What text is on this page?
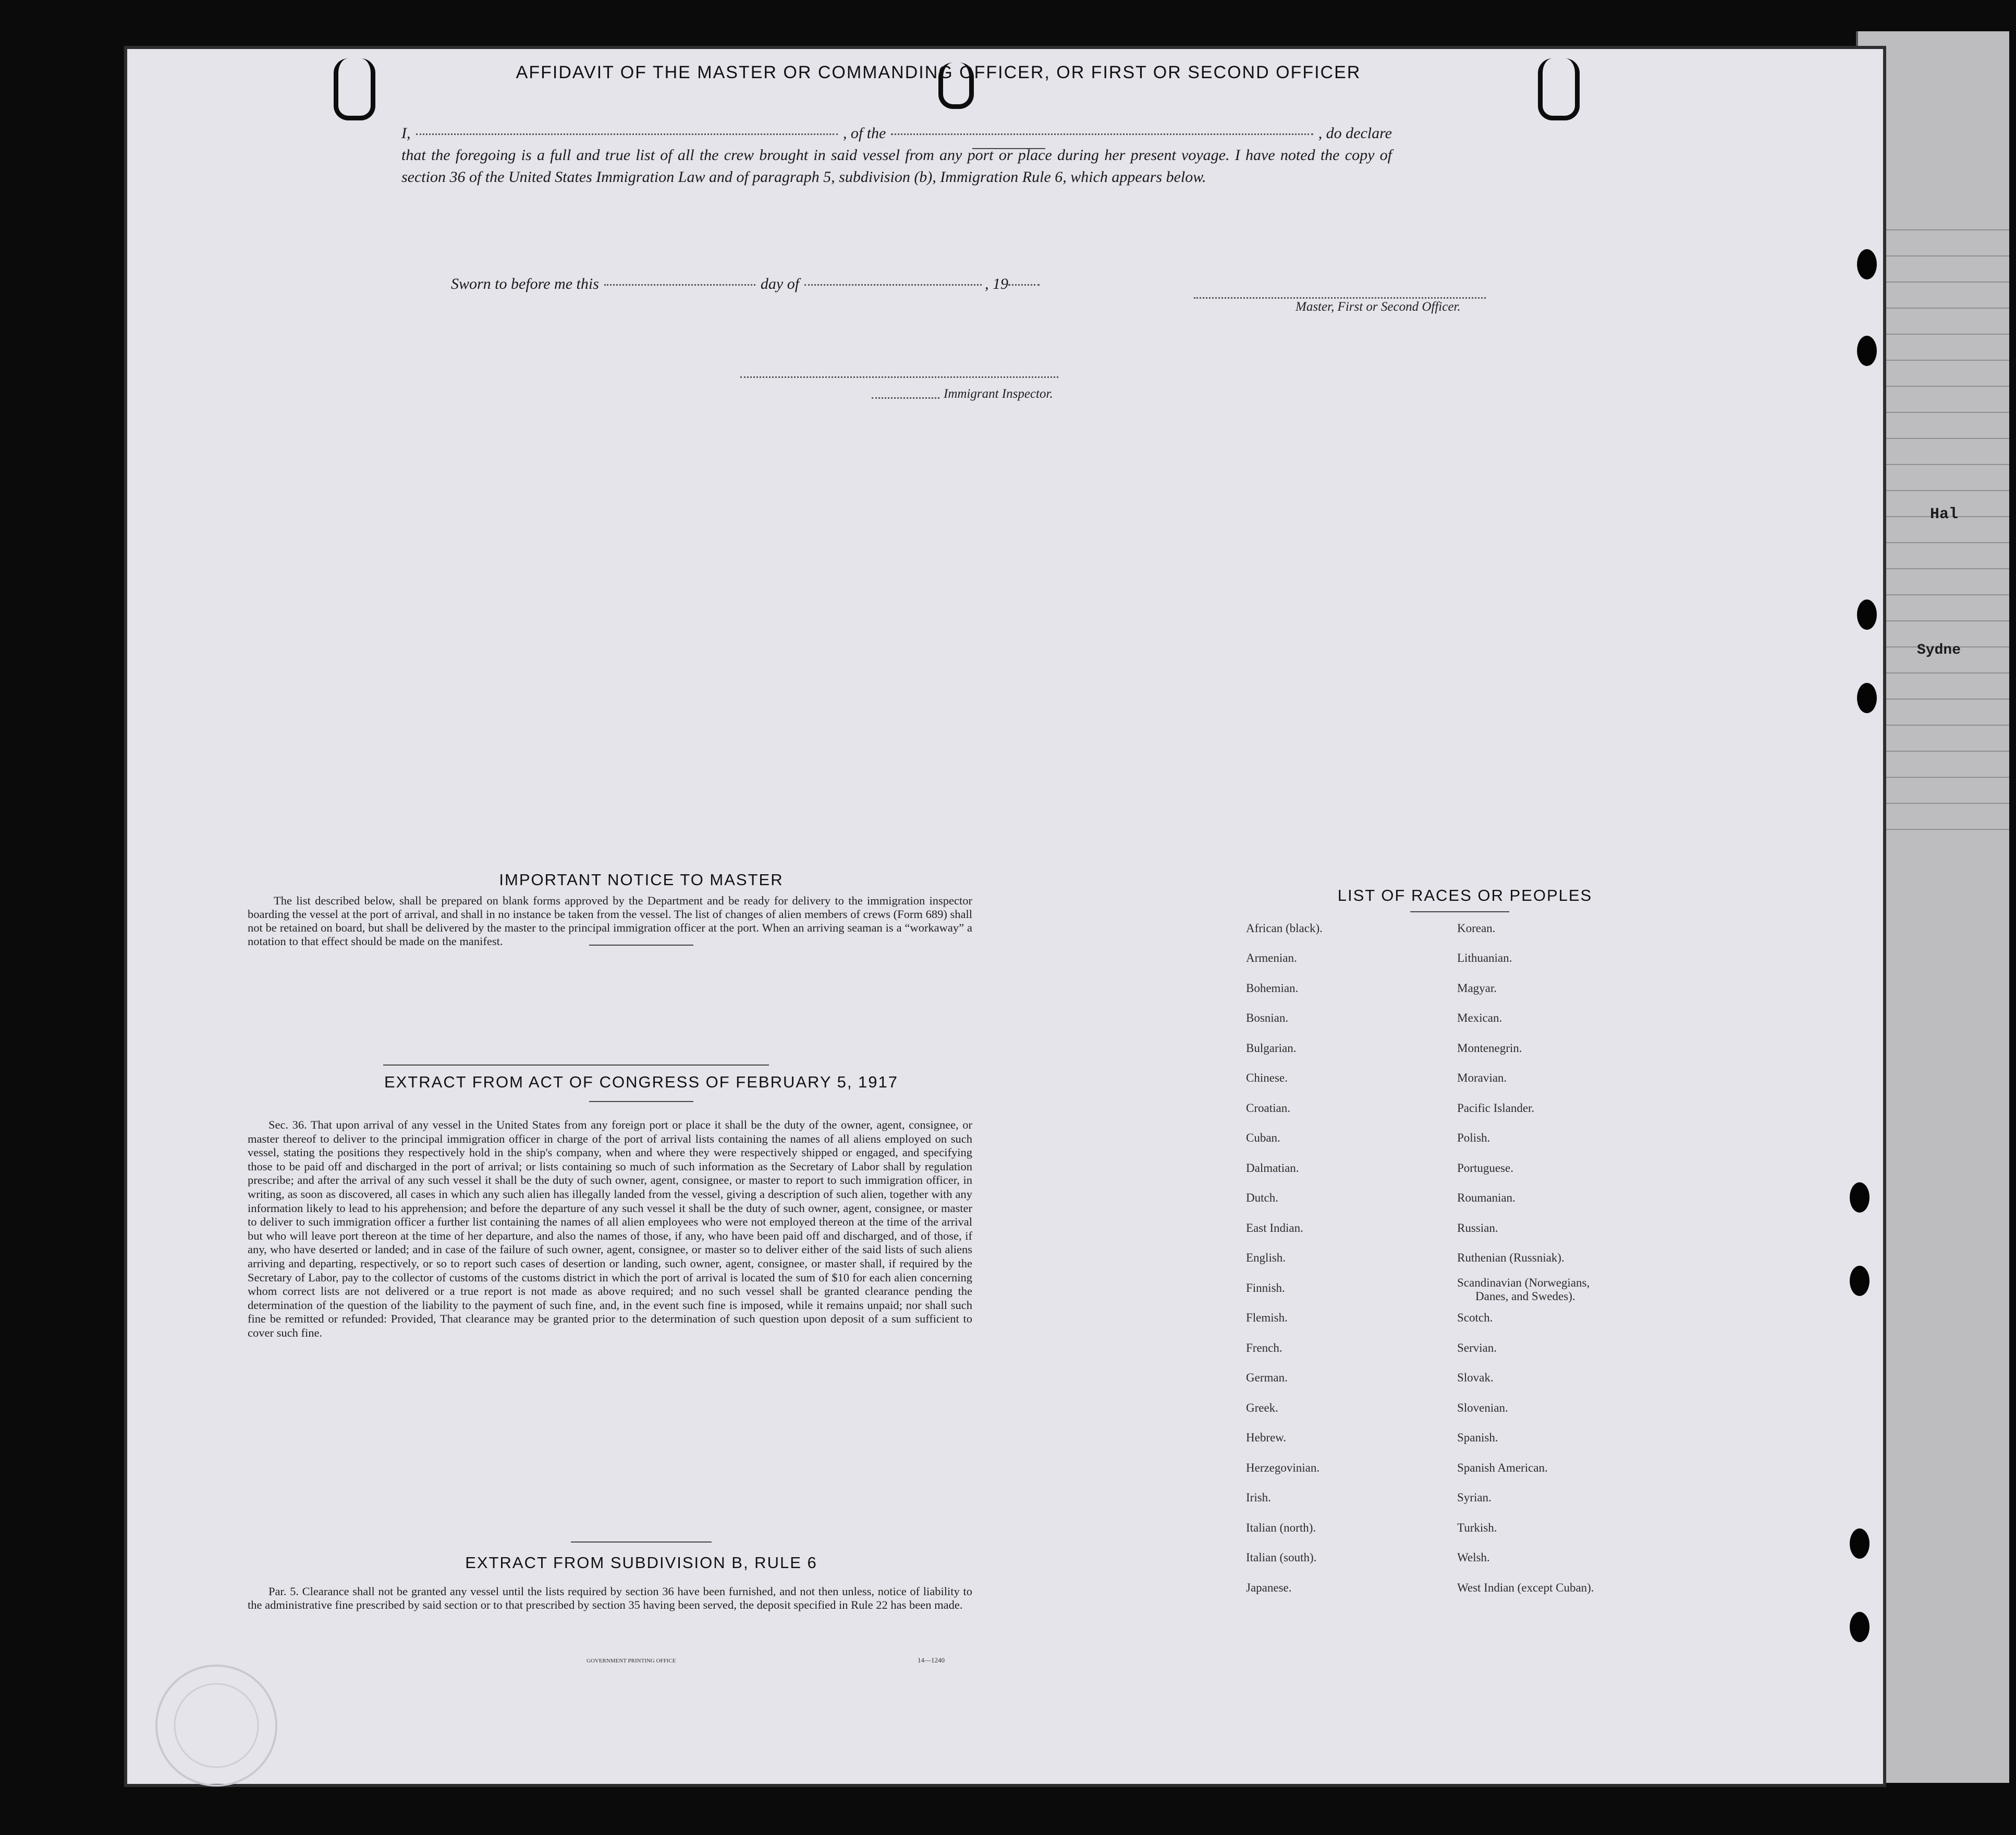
Hal
Sydne
AFFIDAVIT OF THE MASTER OR COMMANDING OFFICER, OR FIRST OR SECOND OFFICER
I,	, of the	, do declare
that the foregoing is a full and true list of all the crew brought in said vessel from any port or place during her present voyage. I have noted the copy of section 36 of the United States Immigration Law and of paragraph 5, subdivision (b), Immigration Rule 6, which appears below.
Master, First or Second Officer.
Sworn to before me this	day of	, 19
Immigrant Inspector.
IMPORTANT NOTICE TO MASTER
The list described below, shall be prepared on blank forms approved by the Department and be ready for delivery to the immigration inspector boarding the vessel at the port of arrival, and shall in no instance be taken from the vessel. The list of changes of alien members of crews (Form 689) shall not be retained on board, but shall be delivered by the master to the principal immigration officer at the port. When an arriving seaman is a “workaway” a notation to that effect should be made on the manifest.
EXTRACT FROM ACT OF CONGRESS OF FEBRUARY 5, 1917
Sec. 36. That upon arrival of any vessel in the United States from any foreign port or place it shall be the duty of the owner, agent, consignee, or master thereof to deliver to the principal immigration officer in charge of the port of arrival lists containing the names of all aliens employed on such vessel, stating the positions they respectively hold in the ship's company, when and where they were respectively shipped or engaged, and specifying those to be paid off and discharged in the port of arrival; or lists containing so much of such information as the Secretary of Labor shall by regulation prescribe; and after the arrival of any such vessel it shall be the duty of such owner, agent, consignee, or master to report to such immigration officer, in writing, as soon as discovered, all cases in which any such alien has illegally landed from the vessel, giving a description of such alien, together with any information likely to lead to his apprehension; and before the departure of any such vessel it shall be the duty of such owner, agent, consignee, or master to deliver to such immigration officer a further list containing the names of all alien employees who were not employed thereon at the time of the arrival but who will leave port thereon at the time of her departure, and also the names of those, if any, who have been paid off and discharged, and of those, if any, who have deserted or landed; and in case of the failure of such owner, agent, consignee, or master so to deliver either of the said lists of such aliens arriving and departing, respectively, or so to report such cases of desertion or landing, such owner, agent, consignee, or master shall, if required by the Secretary of Labor, pay to the collector of customs of the customs district in which the port of arrival is located the sum of $10 for each alien concerning whom correct lists are not delivered or a true report is not made as above required; and no such vessel shall be granted clearance pending the determination of the question of the liability to the payment of such fine, and, in the event such fine is imposed, while it remains unpaid; nor shall such fine be remitted or refunded: Provided, That clearance may be granted prior to the determination of such question upon deposit of a sum sufficient to cover such fine.
EXTRACT FROM SUBDIVISION B, RULE 6
Par. 5. Clearance shall not be granted any vessel until the lists required by section 36 have been furnished, and not then unless, notice of liability to the administrative fine prescribed by said section or to that prescribed by section 35 having been served, the deposit specified in Rule 22 has been made.
GOVERNMENT PRINTING OFFICE	14—1240
LIST OF RACES OR PEOPLES
African (black).
Armenian.
Bohemian.
Bosnian.
Bulgarian.
Chinese.
Croatian.
Cuban.
Dalmatian.
Dutch.
East Indian.
English.
Finnish.
Flemish.
French.
German.
Greek.
Hebrew.
Herzegovinian.
Irish.
Italian (north).
Italian (south).
Japanese.
Korean.
Lithuanian.
Magyar.
Mexican.
Montenegrin.
Moravian.
Pacific Islander.
Polish.
Portuguese.
Roumanian.
Russian.
Ruthenian (Russniak).
Scandinavian (Norwegians,
Danes, and Swedes).
Scotch.
Servian.
Slovak.
Slovenian.
Spanish.
Spanish American.
Syrian.
Turkish.
Welsh.
West Indian (except Cuban).
